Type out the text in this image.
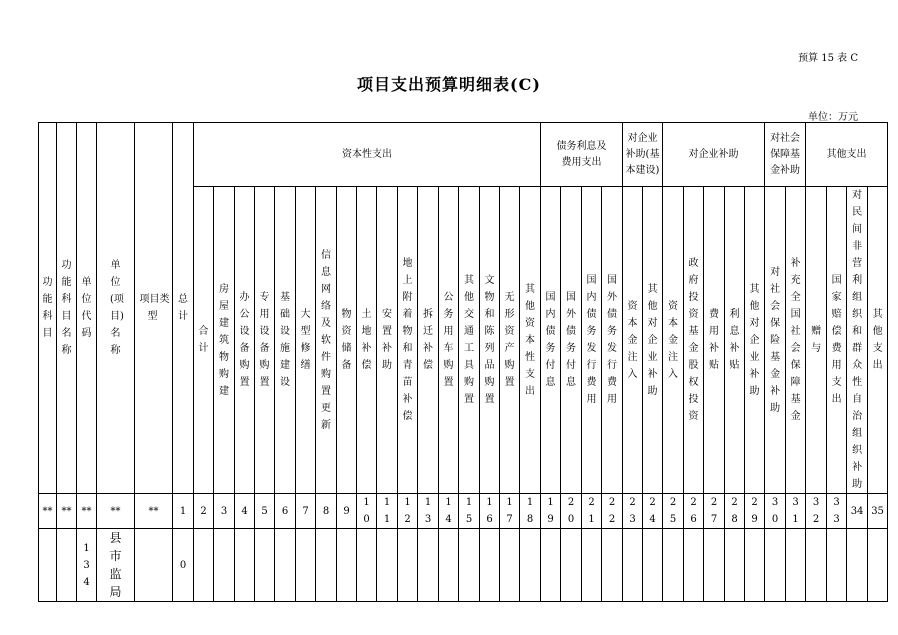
预算 15 表 C
项目支出预算明细表(C)
单位：万元
功能科目	功能科目名称	单位代码	单位(项目)名称	项目类型	总计	资本性支出																	债务利息及费用支出				对企业补助(基本建设)		对企业补助					对社会保障基金补助		其他支出			

						合计	房屋建筑物购建	办公设备购置	专用设备购置	基础设施建设	大型修缮	信息网络及软件购置更新	物资储备	土地补偿	安置补助	地上附着物和青苗补偿	拆迁补偿	公务用车购置	其他交通工具购置	文物和陈列品购置	无形资产购置	其他资本性支出	国内债务付息	国外债务付息	国内债务发行费用	国外债务发行费用	资本金注入	其他对企业补助	资本金注入	政府投资基金股权投资	费用补贴	利息补贴	其他对企业补助	对社会保险基金补助	补充全国社会保障基金	赠与	国家赔偿费用支出	对民间非营利组织和群众性自治组织补助	其他支出

**	**	**	**	**	1	2	3	4	5	6	7	8	9	10	11	12	13	14	15	16	17	18	19	20	21	22	23	24	25	26	27	28	29	30	31	32	33	34	35

		134	县市监局		0																																		
